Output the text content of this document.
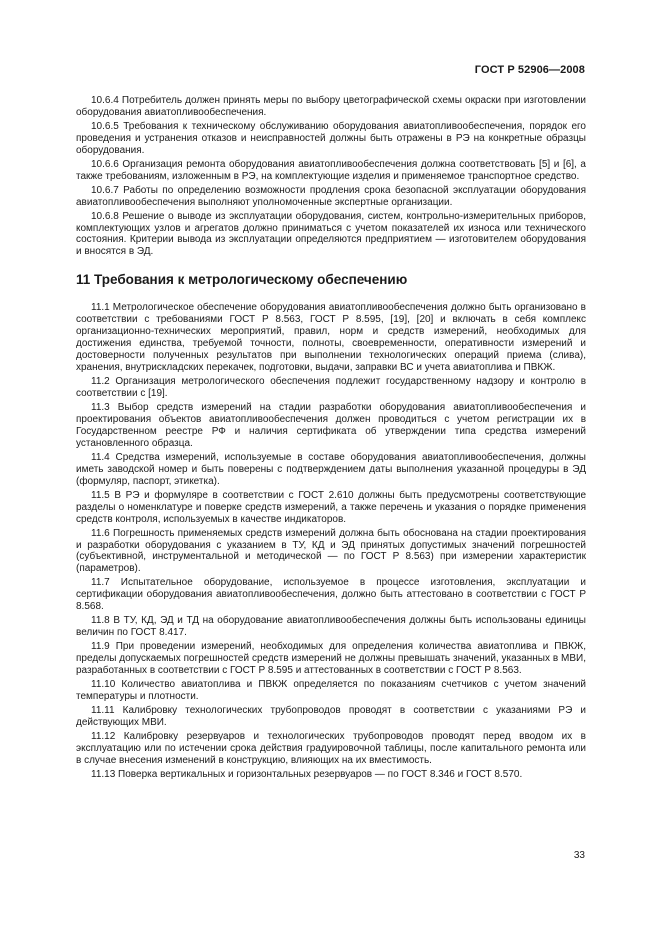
ГОСТ Р 52906—2008

10.6.4 Потребитель должен принять меры по выбору цветографической схемы окраски при изготовлении оборудования авиатопливообеспечения.

10.6.5 Требования к техническому обслуживанию оборудования авиатопливообеспечения, порядок его проведения и устранения отказов и неисправностей должны быть отражены в РЭ на конкретные образцы оборудования.

10.6.6 Организация ремонта оборудования авиатопливообеспечения должна соответствовать [5] и [6], а также требованиям, изложенным в РЭ, на комплектующие изделия и применяемое транспортное средство.

10.6.7 Работы по определению возможности продления срока безопасной эксплуатации оборудования авиатопливообеспечения выполняют уполномоченные экспертные организации.

10.6.8 Решение о выводе из эксплуатации оборудования, систем, контрольно-измерительных приборов, комплектующих узлов и агрегатов должно приниматься с учетом показателей их износа или технического состояния. Критерии вывода из эксплуатации определяются предприятием — изготовителем оборудования и вносятся в ЭД.

11 Требования к метрологическому обеспечению

11.1 Метрологическое обеспечение оборудования авиатопливообеспечения должно быть организовано в соответствии с требованиями ГОСТ Р 8.563, ГОСТ Р 8.595, [19], [20] и включать в себя комплекс организационно-технических мероприятий, правил, норм и средств измерений, необходимых для достижения единства, требуемой точности, полноты, своевременности, оперативности измерений и достоверности полученных результатов при выполнении технологических операций приема (слива), хранения, внутрискладских перекачек, подготовки, выдачи, заправки ВС и учета авиатоплива и ПВКЖ.

11.2 Организация метрологического обеспечения подлежит государственному надзору и контролю в соответствии с [19].

11.3 Выбор средств измерений на стадии разработки оборудования авиатопливообеспечения и проектирования объектов авиатопливообеспечения должен проводиться с учетом регистрации их в Государственном реестре РФ и наличия сертификата об утверждении типа средства измерений установленного образца.

11.4 Средства измерений, используемые в составе оборудования авиатопливообеспечения, должны иметь заводской номер и быть поверены с подтверждением даты выполнения указанной процедуры в ЭД (формуляр, паспорт, этикетка).

11.5 В РЭ и формуляре в соответствии с ГОСТ 2.610 должны быть предусмотрены соответствующие разделы о номенклатуре и поверке средств измерений, а также перечень и указания о порядке применения средств контроля, используемых в качестве индикаторов.

11.6 Погрешность применяемых средств измерений должна быть обоснована на стадии проектирования и разработки оборудования с указанием в ТУ, КД и ЭД принятых допустимых значений погрешностей (субъективной, инструментальной и методической — по ГОСТ Р 8.563) при измерении характеристик (параметров).

11.7 Испытательное оборудование, используемое в процессе изготовления, эксплуатации и сертификации оборудования авиатопливообеспечения, должно быть аттестовано в соответствии с ГОСТ Р 8.568.

11.8 В ТУ, КД, ЭД и ТД на оборудование авиатопливообеспечения должны быть использованы единицы величин по ГОСТ 8.417.

11.9 При проведении измерений, необходимых для определения количества авиатоплива и ПВКЖ, пределы допускаемых погрешностей средств измерений не должны превышать значений, указанных в МВИ, разработанных в соответствии с ГОСТ Р 8.595 и аттестованных в соответствии с ГОСТ Р 8.563.

11.10 Количество авиатоплива и ПВКЖ определяется по показаниям счетчиков с учетом значений температуры и плотности.

11.11 Калибровку технологических трубопроводов проводят в соответствии с указаниями РЭ и действующих МВИ.

11.12 Калибровку резервуаров и технологических трубопроводов проводят перед вводом их в эксплуатацию или по истечении срока действия градуировочной таблицы, после капитального ремонта или в случае внесения изменений в конструкцию, влияющих на их вместимость.

11.13 Поверка вертикальных и горизонтальных резервуаров — по ГОСТ 8.346 и ГОСТ 8.570.

33
